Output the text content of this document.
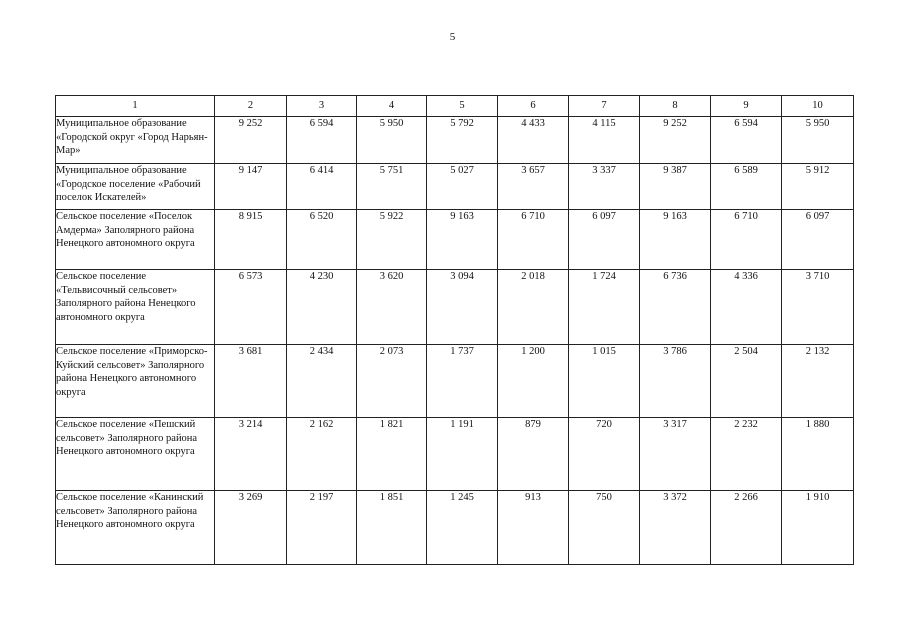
5
1	2	3	4	5	6	7	8	9	10
Муниципальное образование «Городской округ «Город Нарьян-Мар»	9 252	6 594	5 950	5 792	4 433	4 115	9 252	6 594	5 950
Муниципальное образование «Городское поселение «Рабочий поселок Искателей»	9 147	6 414	5 751	5 027	3 657	3 337	9 387	6 589	5 912
Сельское поселение «Поселок Амдерма» Заполярного района Ненецкого автономного округа	8 915	6 520	5 922	9 163	6 710	6 097	9 163	6 710	6 097
Сельское поселение «Тельвисочный сельсовет» Заполярного района Ненецкого автономного округа	6 573	4 230	3 620	3 094	2 018	1 724	6 736	4 336	3 710
Сельское поселение «Приморско-Куйский сельсовет» Заполярного района Ненецкого автономного округа	3 681	2 434	2 073	1 737	1 200	1 015	3 786	2 504	2 132
Сельское поселение «Пешский сельсовет» Заполярного района Ненецкого автономного округа	3 214	2 162	1 821	1 191	879	720	3 317	2 232	1 880
Сельское поселение «Канинский сельсовет» Заполярного района Ненецкого автономного округа	3 269	2 197	1 851	1 245	913	750	3 372	2 266	1 910
